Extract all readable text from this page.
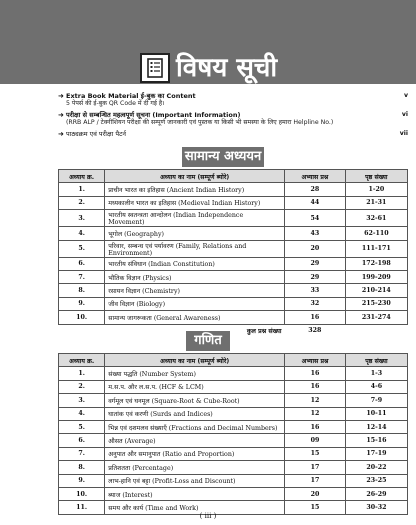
विषय सूची
➜ Extra Book Material ई-बुक का Content
5 पेपर्स की ई-बुक QR Code में दी गई है।
v
➜ परीक्षा से सम्बन्धित महत्वपूर्ण सूचना (Important Information)
(RRB ALP / टेक्नीशियन परीक्षा की सम्पूर्ण जानकारी एवं पुस्तक या किसी भी समस्या के लिए हमारा Helpline No.)
vi
➜ पाठ्यक्रम एवं परीक्षा पैटर्न	vii
सामान्य अध्ययन
अध्याय क्र.	अध्याय का नाम (सम्पूर्ण ब्योरे)	अभ्यास प्रश्न	पृष्ठ संख्या
1.	प्राचीन भारत का इतिहास (Ancient Indian History)	28	1-20
2.	मध्यकालीन भारत का इतिहास (Medieval Indian History)	44	21-31
3.	भारतीय स्वतन्त्रता आन्दोलन (Indian Independence Movement)	54	32-61
4.	भूगोल (Geography)	43	62-110
5.	परिवार, सम्बन्ध एवं पर्यावरण (Family, Relations and Environment)	20	111-171
6.	भारतीय संविधान (Indian Constitution)	29	172-198
7.	भौतिक विज्ञान (Physics)	29	199-209
8.	रसायन विज्ञान (Chemistry)	33	210-214
9.	जीव विज्ञान (Biology)	32	215-230
10.	सामान्य जागरूकता (General Awareness)	16	231-274
कुल प्रश्न संख्या		328	
गणित
अध्याय क्र.	अध्याय का नाम (सम्पूर्ण ब्योरे)	अभ्यास प्रश्न	पृष्ठ संख्या
1.	संख्या पद्धति (Number System)	16	1-3
2.	म.स.प. और ल.स.प. (HCF & LCM)	16	4-6
3.	वर्गमूल एवं घनमूल (Square-Root & Cube-Root)	12	7-9
4.	घातांक एवं करणी (Surds and Indices)	12	10-11
5.	भिन्न एवं दशमलव संख्याएँ (Fractions and Decimal Numbers)	16	12-14
6.	औसत (Average)	09	15-16
7.	अनुपात और समानुपात (Ratio and Proportion)	15	17-19
8.	प्रतिशतता (Percentage)	17	20-22
9.	लाभ-हानि एवं बट्टा (Profit-Loss and Discount)	17	23-25
10.	ब्याज (Interest)	20	26-29
11.	समय और कार्य (Time and Work)	15	30-32
( iii )
